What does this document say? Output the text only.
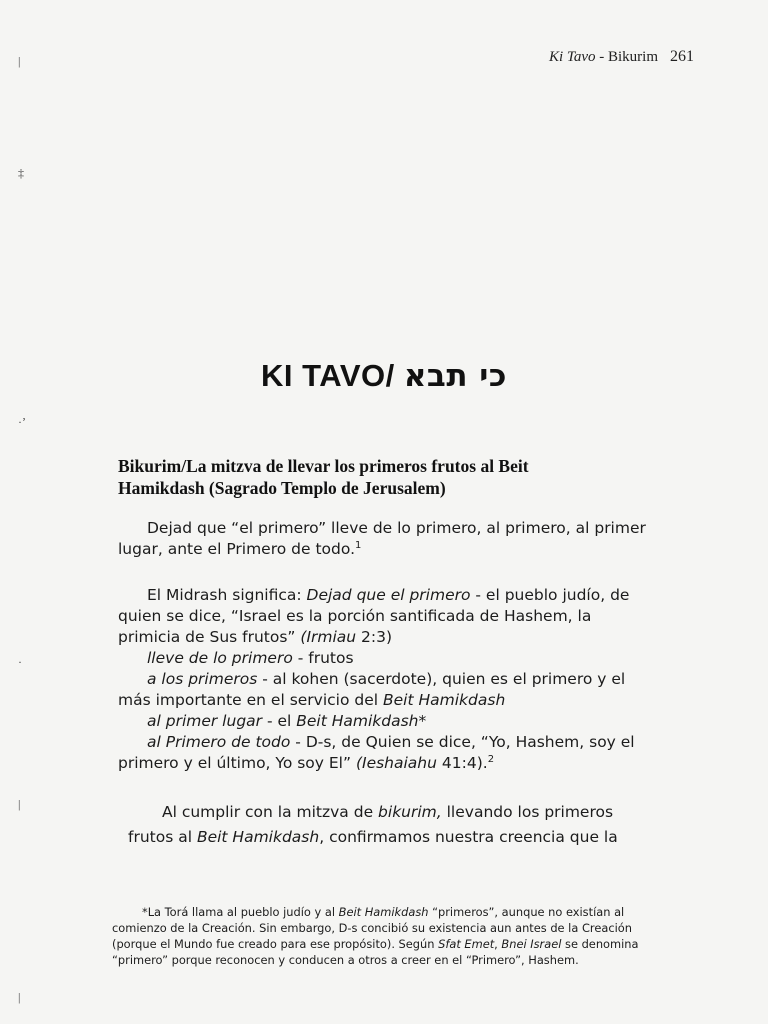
Ki Tavo - Bikurim 261
|
‡
·ʼ
·
|
|
KI TAVO/ כי תבא
Bikurim/La mitzva de llevar los primeros frutos al Beit
Hamikdash (Sagrado Templo de Jerusalem)
Dejad que “el primero” lleve de lo primero, al primero, al primer
lugar, ante el Primero de todo.$^1$
El Midrash significa: Dejad que el primero - el pueblo judío, de
quien se dice, “Israel es la porción santificada de Hashem, la
primicia de Sus frutos” (Irmiau 2:3)
lleve de lo primero - frutos
a los primeros - al kohen (sacerdote), quien es el primero y el
más importante en el servicio del Beit Hamikdash
al primer lugar - el Beit Hamikdash*
al Primero de todo - D-s, de Quien se dice, “Yo, Hashem, soy el
primero y el último, Yo soy El” (Ieshaiahu 41:4).$^2$
Al cumplir con la mitzva de bikurim, llevando los primeros
frutos al Beit Hamikdash, confirmamos nuestra creencia que la
*La Torá llama al pueblo judío y al Beit Hamikdash “primeros”, aunque no existían al
comienzo de la Creación. Sin embargo, D-s concibió su existencia aun antes de la Creación
(porque el Mundo fue creado para ese propósito). Según Sfat Emet, Bnei Israel se denomina
“primero” porque reconocen y conducen a otros a creer en el “Primero”, Hashem.
